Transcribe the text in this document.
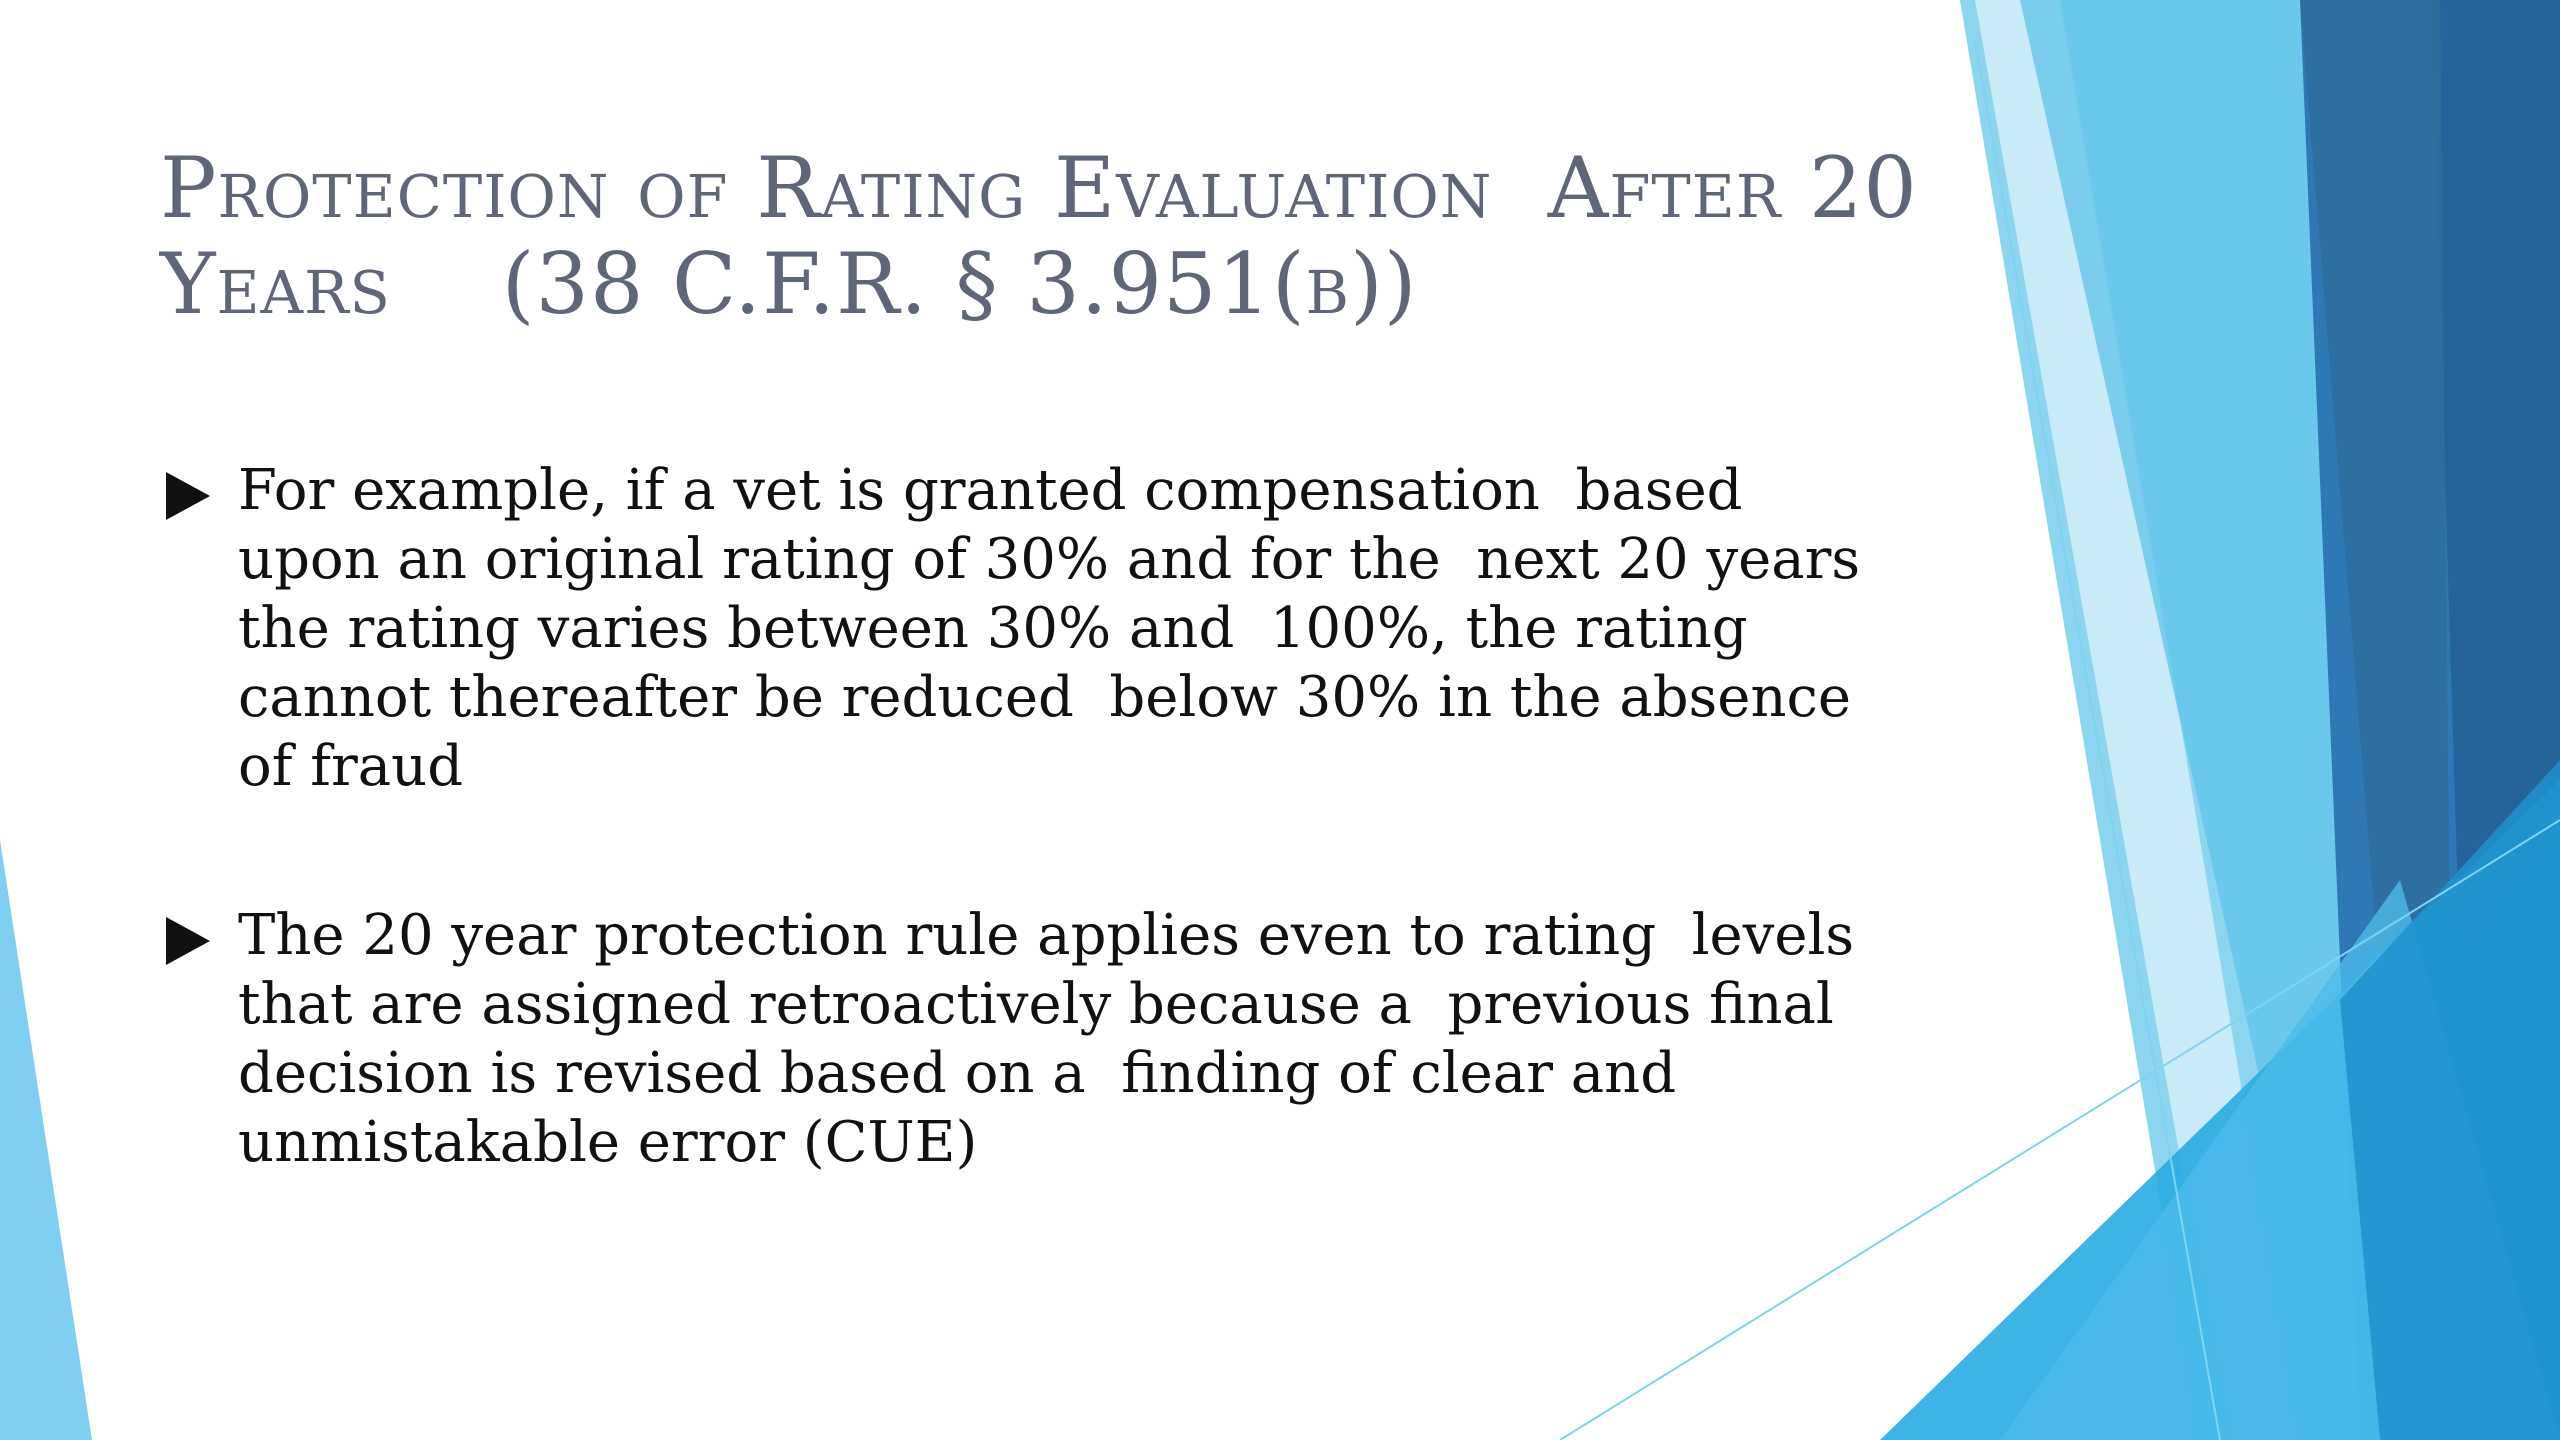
Protection of Rating Evaluation  After 20
Years    (38 C.F.R. § 3.951(b))
For example, if a vet is granted compensation  based
upon an original rating of 30% and for the  next 20 years
the rating varies between 30% and  100%, the rating
cannot thereafter be reduced  below 30% in the absence
of fraud
The 20 year protection rule applies even to rating  levels
that are assigned retroactively because a  previous final
decision is revised based on a  finding of clear and
unmistakable error (CUE)
